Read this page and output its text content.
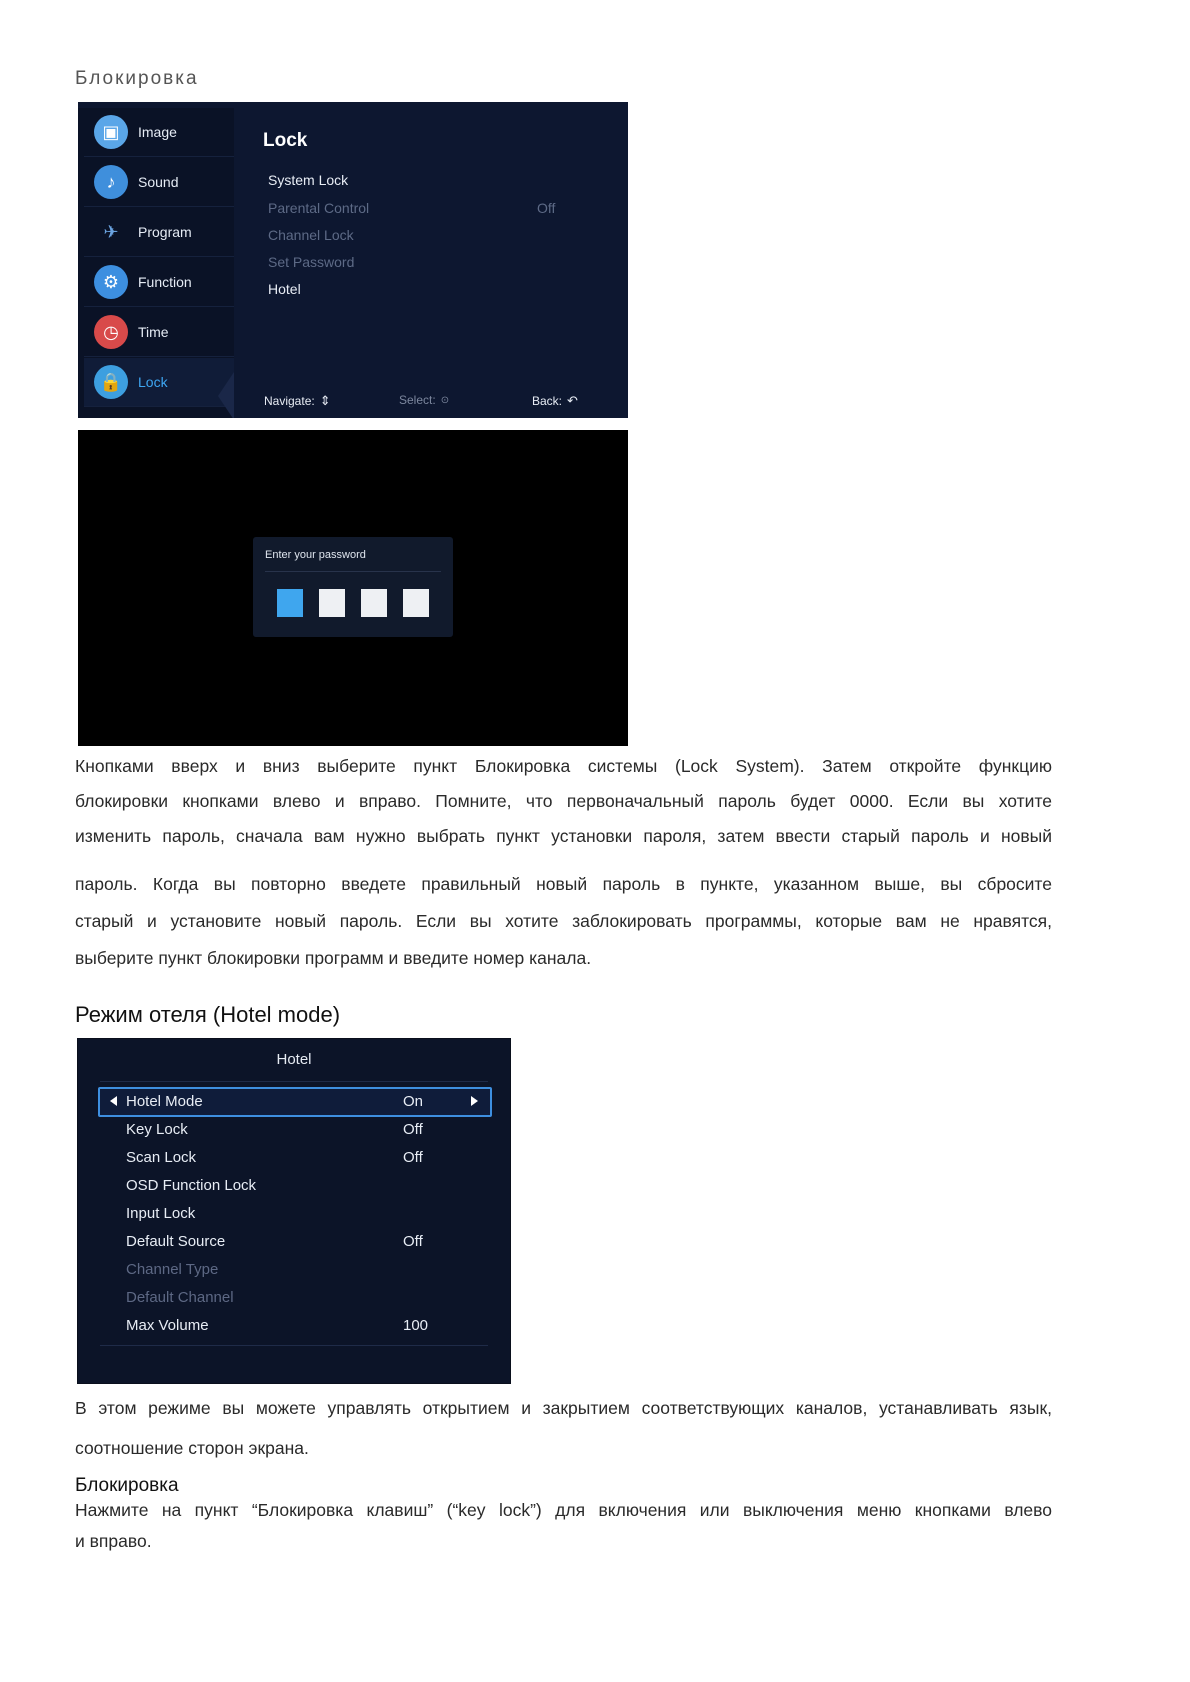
Блокировка
▣	Image
♪	Sound
✈	Program
⚙	Function
◷	Time
🔒	Lock
Lock
System Lock
Parental Control	Off
Channel Lock
Set Password
Hotel
Navigate: ⇕	Select: ⊙	Back: ↶
Enter your password
Кнопками вверх и вниз выберите пункт Блокировка системы (Lock System). Затем откройте функцию
блокировки кнопками влево и вправо. Помните, что первоначальный пароль будет 0000. Если вы хотите
изменить пароль, сначала вам нужно выбрать пункт установки пароля, затем ввести старый пароль и новый
пароль. Когда вы повторно введете правильный новый пароль в пункте, указанном выше, вы сбросите
старый и установите новый пароль. Если вы хотите заблокировать программы, которые вам не нравятся,
выберите пункт блокировки программ и введите номер канала.
Режим отеля (Hotel mode)
Hotel
Hotel Mode	On
Key Lock	Off
Scan Lock	Off
OSD Function Lock
Input Lock
Default Source	Off
Channel Type
Default Channel
Max Volume	100
В этом режиме вы можете управлять открытием и закрытием соответствующих каналов, устанавливать язык,
соотношение сторон экрана.
Блокировка
Нажмите на пункт “Блокировка клавиш” (“key lock”) для включения или выключения меню кнопками влево
и вправо.
